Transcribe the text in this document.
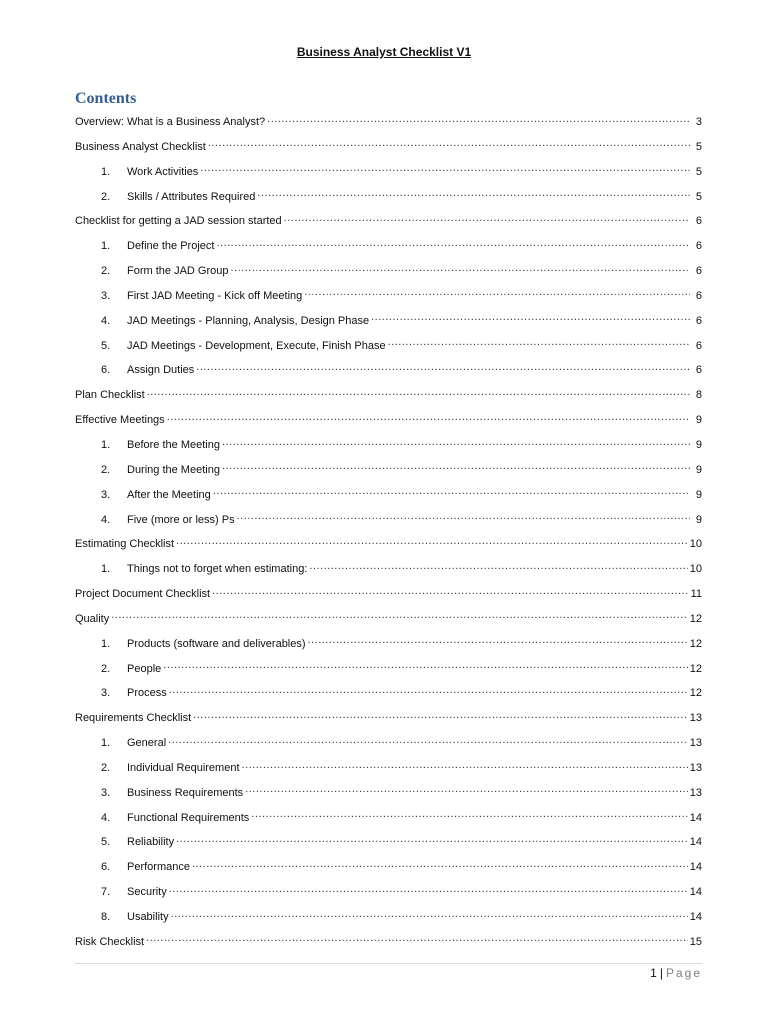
Business Analyst Checklist V1
Contents
Overview: What is a Business Analyst? .....	3
Business Analyst Checklist .....	5
1.	Work Activities .....	5
2.	Skills / Attributes Required .....	5
Checklist for getting a JAD session started .....	6
1.	Define the Project .....	6
2.	Form the JAD Group .....	6
3.	First JAD Meeting - Kick off Meeting .....	6
4.	JAD Meetings - Planning, Analysis, Design Phase .....	6
5.	JAD Meetings - Development, Execute, Finish Phase .....	6
6.	Assign Duties .....	6
Plan Checklist .....	8
Effective Meetings .....	9
1.	Before the Meeting .....	9
2.	During the Meeting .....	9
3.	After the Meeting .....	9
4.	Five (more or less) Ps .....	9
Estimating Checklist .....	10
1.	Things not to forget when estimating: .....	10
Project Document Checklist .....	11
Quality .....	12
1.	Products (software and deliverables) .....	12
2.	People .....	12
3.	Process .....	12
Requirements Checklist .....	13
1.	General .....	13
2.	Individual Requirement .....	13
3.	Business Requirements .....	13
4.	Functional Requirements .....	14
5.	Reliability .....	14
6.	Performance .....	14
7.	Security .....	14
8.	Usability .....	14
Risk Checklist .....	15
1 | Page
